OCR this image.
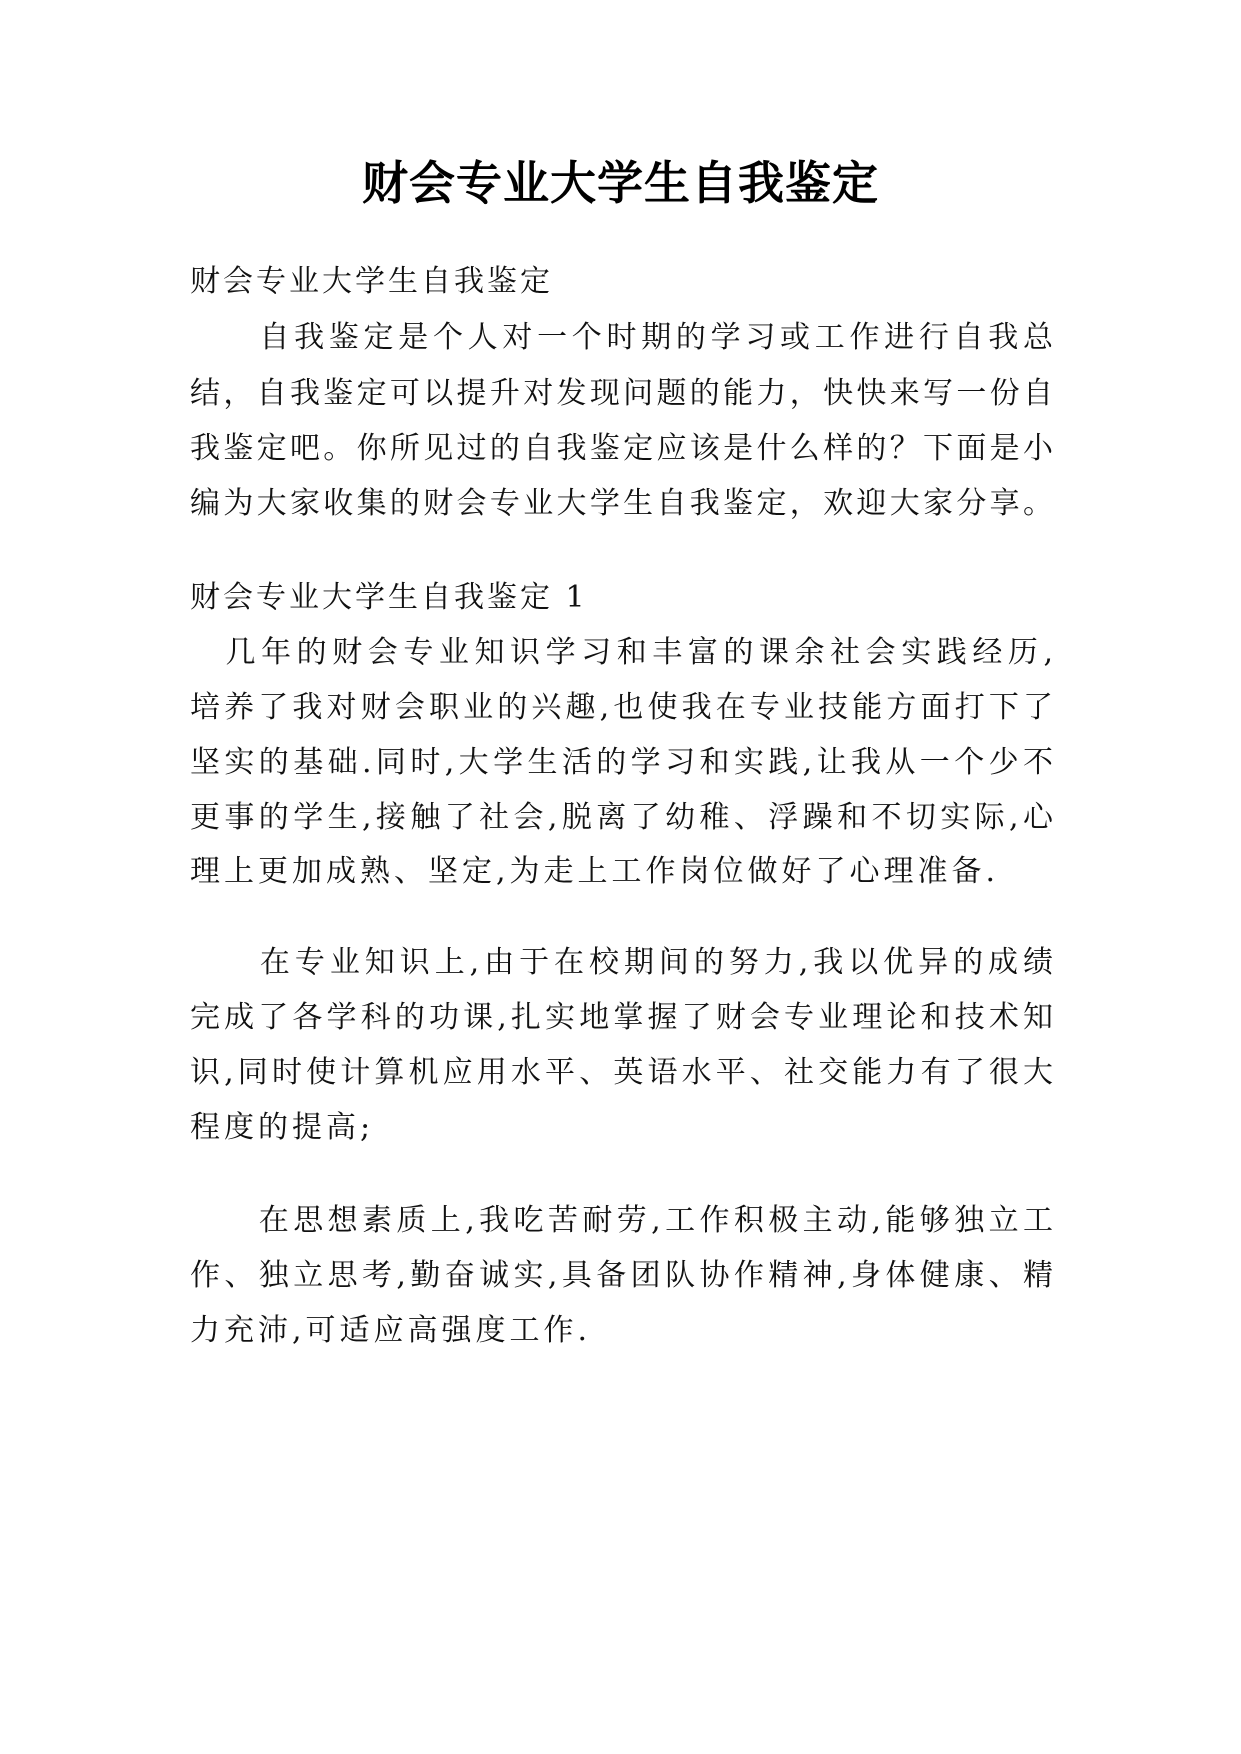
财会专业大学生自我鉴定
财会专业大学生自我鉴定
　　自我鉴定是个人对一个时期的学习或工作进行自我总
结，自我鉴定可以提升对发现问题的能力，快快来写一份自
我鉴定吧。你所见过的自我鉴定应该是什么样的？下面是小
编为大家收集的财会专业大学生自我鉴定，欢迎大家分享。
财会专业大学生自我鉴定 1
　几年的财会专业知识学习和丰富的课余社会实践经历,
培养了我对财会职业的兴趣,也使我在专业技能方面打下了
坚实的基础.同时,大学生活的学习和实践,让我从一个少不
更事的学生,接触了社会,脱离了幼稚、浮躁和不切实际,心
理上更加成熟、坚定,为走上工作岗位做好了心理准备.
　　在专业知识上,由于在校期间的努力,我以优异的成绩
完成了各学科的功课,扎实地掌握了财会专业理论和技术知
识,同时使计算机应用水平、英语水平、社交能力有了很大
程度的提高;
　　在思想素质上,我吃苦耐劳,工作积极主动,能够独立工
作、独立思考,勤奋诚实,具备团队协作精神,身体健康、精
力充沛,可适应高强度工作.
